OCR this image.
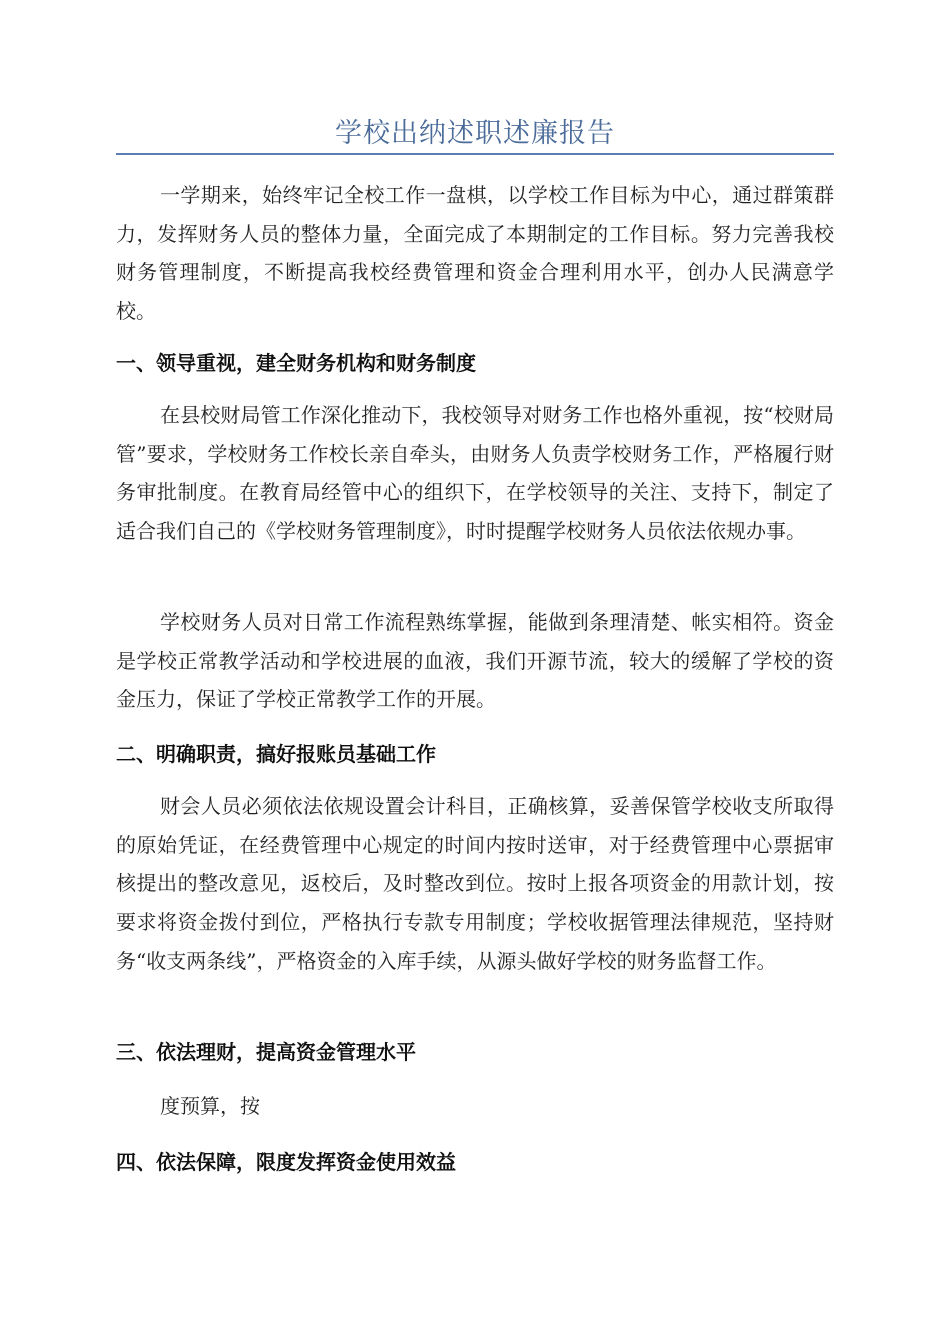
学校出纳述职述廉报告

一学期来，始终牢记全校工作一盘棋，以学校工作目标为中心，通过群策群力，发挥财务人员的整体力量，全面完成了本期制定的工作目标。努力完善我校财务管理制度，不断提高我校经费管理和资金合理利用水平，创办人民满意学校。

一、领导重视，建全财务机构和财务制度

在县校财局管工作深化推动下，我校领导对财务工作也格外重视，按“校财局管”要求，学校财务工作校长亲自牵头，由财务人负责学校财务工作，严格履行财务审批制度。在教育局经管中心的组织下，在学校领导的关注、支持下，制定了适合我们自己的《学校财务管理制度》，时时提醒学校财务人员依法依规办事。

学校财务人员对日常工作流程熟练掌握，能做到条理清楚、帐实相符。资金是学校正常教学活动和学校进展的血液，我们开源节流，较大的缓解了学校的资金压力，保证了学校正常教学工作的开展。

二、明确职责，搞好报账员基础工作

财会人员必须依法依规设置会计科目，正确核算，妥善保管学校收支所取得的原始凭证，在经费管理中心规定的时间内按时送审，对于经费管理中心票据审核提出的整改意见，返校后，及时整改到位。按时上报各项资金的用款计划，按要求将资金拨付到位，严格执行专款专用制度；学校收据管理法律规范，坚持财务“收支两条线”，严格资金的入库手续，从源头做好学校的财务监督工作。

三、依法理财，提高资金管理水平

度预算，按

四、依法保障，限度发挥资金使用效益
